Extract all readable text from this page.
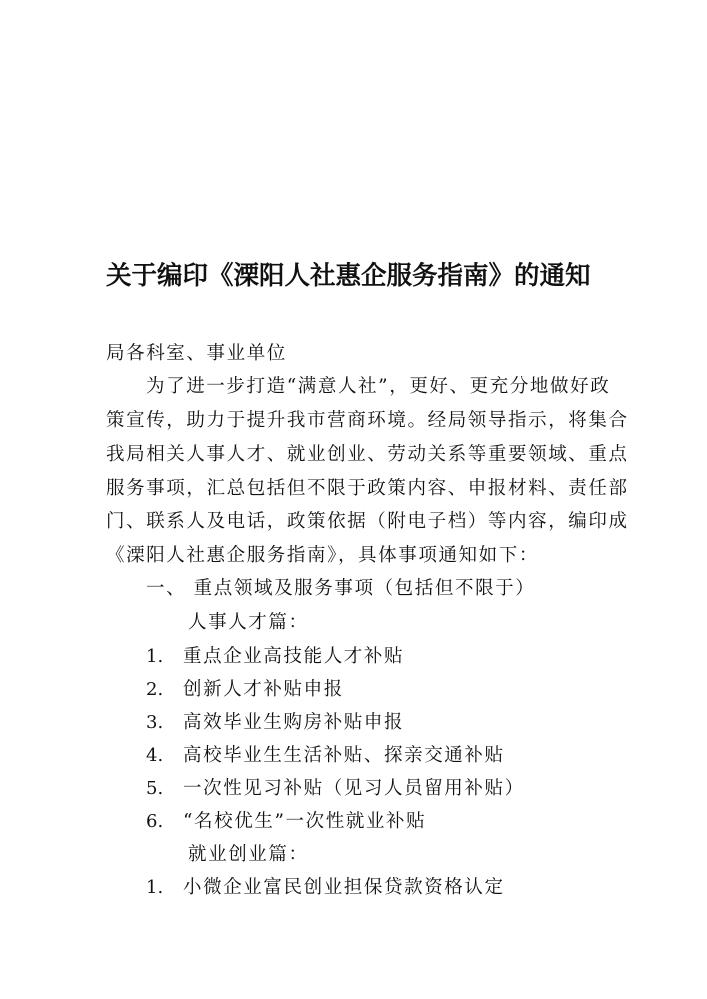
关于编印《溧阳人社惠企服务指南》的通知
局各科室、事业单位
为了进一步打造“满意人社”，更好、更充分地做好政
策宣传，助力于提升我市营商环境。经局领导指示，将集合
我局相关人事人才、就业创业、劳动关系等重要领域、重点
服务事项，汇总包括但不限于政策内容、申报材料、责任部
门、联系人及电话，政策依据（附电子档）等内容，编印成
《溧阳人社惠企服务指南》，具体事项通知如下：
一、 重点领域及服务事项（包括但不限于）
人事人才篇：
1. 重点企业高技能人才补贴
2. 创新人才补贴申报
3. 高效毕业生购房补贴申报
4. 高校毕业生生活补贴、探亲交通补贴
5. 一次性见习补贴（见习人员留用补贴）
6. “名校优生”一次性就业补贴
就业创业篇：
1. 小微企业富民创业担保贷款资格认定
